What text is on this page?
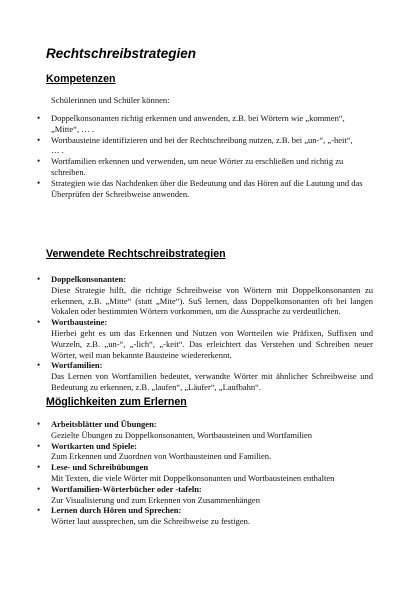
Rechtschreibstrategien
Kompetenzen

Schülerinnen und Schüler können:

• Doppelkonsonanten richtig erkennen und anwenden, z.B. bei Wörtern wie „kommen“, „Mitte“, … .
• Wortbausteine identifizieren und bei der Rechtschreibung nutzen, z.B. bei „un-“, „-heit“, … .
• Wortfamilien erkennen und verwenden, um neue Wörter zu erschließen und richtig zu schreiben.
• Strategien wie das Nachdenken über die Bedeutung und das Hören auf die Lautung und das Überprüfen der Schreibweise anwenden.
Verwendete Rechtschreibstrategien
• Doppelkonsonanten:
Diese Strategie hilft, die richtige Schreibweise von Wörtern mit Doppelkonsonanten zu erkennen, z.B. „Mitte“ (statt „Mite“). SuS lernen, dass Doppelkonsonanten oft bei langen Vokalen oder bestimmten Wörtern vorkommen, um die Aussprache zu verdeutlichen.
• Wortbausteine:
Hierbei geht es um das Erkennen und Nutzen von Wortteilen wie Präfixen, Suffixen und Wurzeln, z.B. „un-“, „-lich“, „-keit“. Das erleichtert das Verstehen und Schreiben neuer Wörter, weil man bekannte Bausteine wiedererkennt.
• Wortfamilien:
Das Lernen von Wortfamilien bedeutet, verwandte Wörter mit ähnlicher Schreibweise und Bedeutung zu erkennen, z.B. „laufen“, „Läufer“, „Laufbahn“.
Möglichkeiten zum Erlernen
• Arbeitsblätter und Übungen:
Gezielte Übungen zu Doppelkonsonanten, Wortbausteinen und Wortfamilien
• Wortkarten und Spiele:
Zum Erkennen und Zuordnen von Wortbausteinen und Familien.
• Lese- und Schreibübungen
Mit Texten, die viele Wörter mit Doppelkonsonanten und Wortbausteinen enthalten
• Wortfamilien-Wörterbücher oder -tafeln:
Zur Visualisierung und zum Erkennen von Zusammenhängen
• Lernen durch Hören und Sprechen:
Wörter laut aussprechen, um die Schreibweise zu festigen.
